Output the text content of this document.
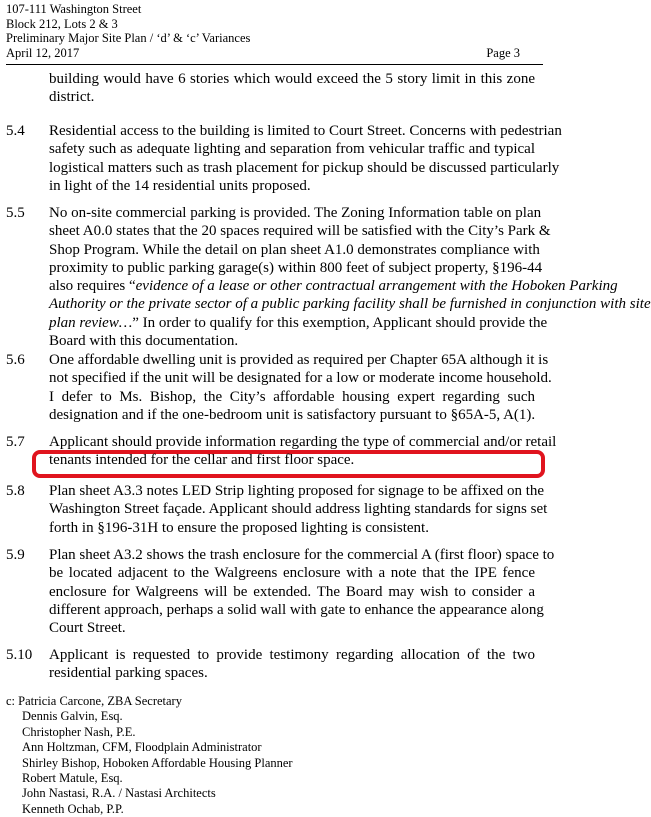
107-111 Washington Street
Block 212, Lots 2 & 3
Preliminary Major Site Plan / ‘d’ & ‘c’ Variances
April 12, 2017	Page 3
building would have 6 stories which would exceed the 5 story limit in this zone
district.
5.4 Residential access to the building is limited to Court Street. Concerns with pedestrian
safety such as adequate lighting and separation from vehicular traffic and typical
logistical matters such as trash placement for pickup should be discussed particularly
in light of the 14 residential units proposed.
5.5 No on-site commercial parking is provided. The Zoning Information table on plan
sheet A0.0 states that the 20 spaces required will be satisfied with the City’s Park &
Shop Program. While the detail on plan sheet A1.0 demonstrates compliance with
proximity to public parking garage(s) within 800 feet of subject property, §196-44
also requires “evidence of a lease or other contractual arrangement with the Hoboken Parking
Authority or the private sector of a public parking facility shall be furnished in conjunction with site
plan review…” In order to qualify for this exemption, Applicant should provide the
Board with this documentation.
5.6 One affordable dwelling unit is provided as required per Chapter 65A although it is
not specified if the unit will be designated for a low or moderate income household.
I defer to Ms. Bishop, the City’s affordable housing expert regarding such
designation and if the one-bedroom unit is satisfactory pursuant to §65A-5, A(1).
5.7 Applicant should provide information regarding the type of commercial and/or retail
tenants intended for the cellar and first floor space.
5.8 Plan sheet A3.3 notes LED Strip lighting proposed for signage to be affixed on the
Washington Street façade. Applicant should address lighting standards for signs set
forth in §196-31H to ensure the proposed lighting is consistent.
5.9 Plan sheet A3.2 shows the trash enclosure for the commercial A (first floor) space to
be located adjacent to the Walgreens enclosure with a note that the IPE fence
enclosure for Walgreens will be extended. The Board may wish to consider a
different approach, perhaps a solid wall with gate to enhance the appearance along
Court Street.
5.10 Applicant is requested to provide testimony regarding allocation of the two
residential parking spaces.
c: Patricia Carcone, ZBA Secretary
Dennis Galvin, Esq.
Christopher Nash, P.E.
Ann Holtzman, CFM, Floodplain Administrator
Shirley Bishop, Hoboken Affordable Housing Planner
Robert Matule, Esq.
John Nastasi, R.A. / Nastasi Architects
Kenneth Ochab, P.P.
